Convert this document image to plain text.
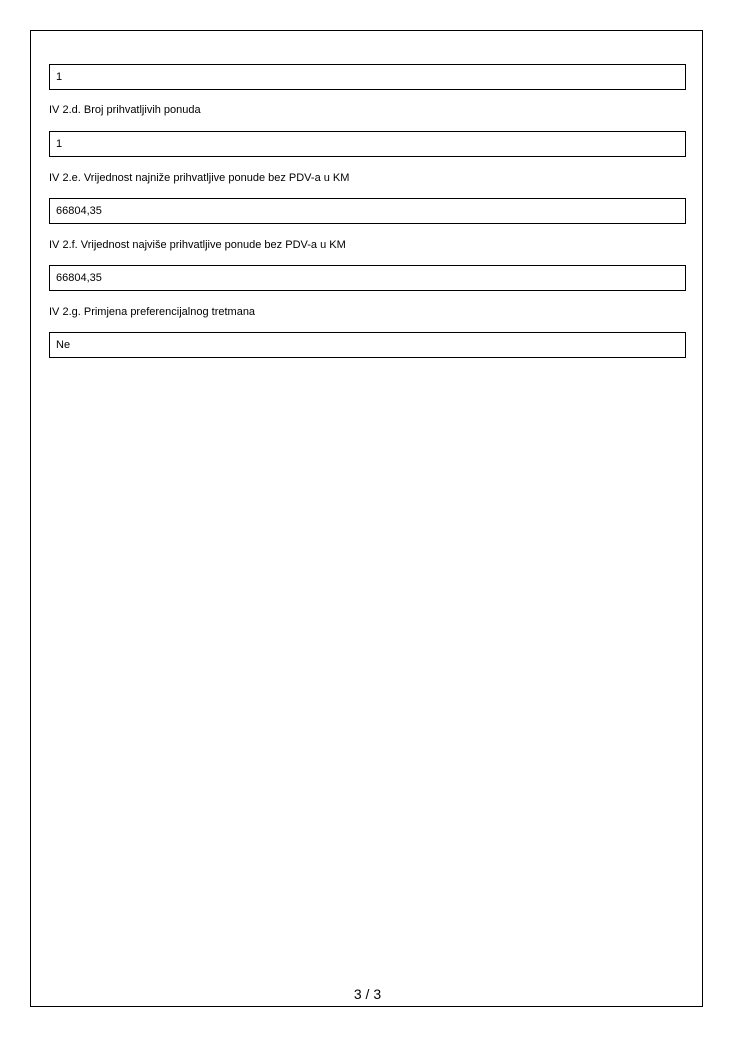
1
IV 2.d. Broj prihvatljivih ponuda
1
IV 2.e. Vrijednost najniže prihvatljive ponude bez PDV-a u KM
66804,35
IV 2.f. Vrijednost najviše prihvatljive ponude bez PDV-a u KM
66804,35
IV 2.g. Primjena preferencijalnog tretmana
Ne
3 / 3
